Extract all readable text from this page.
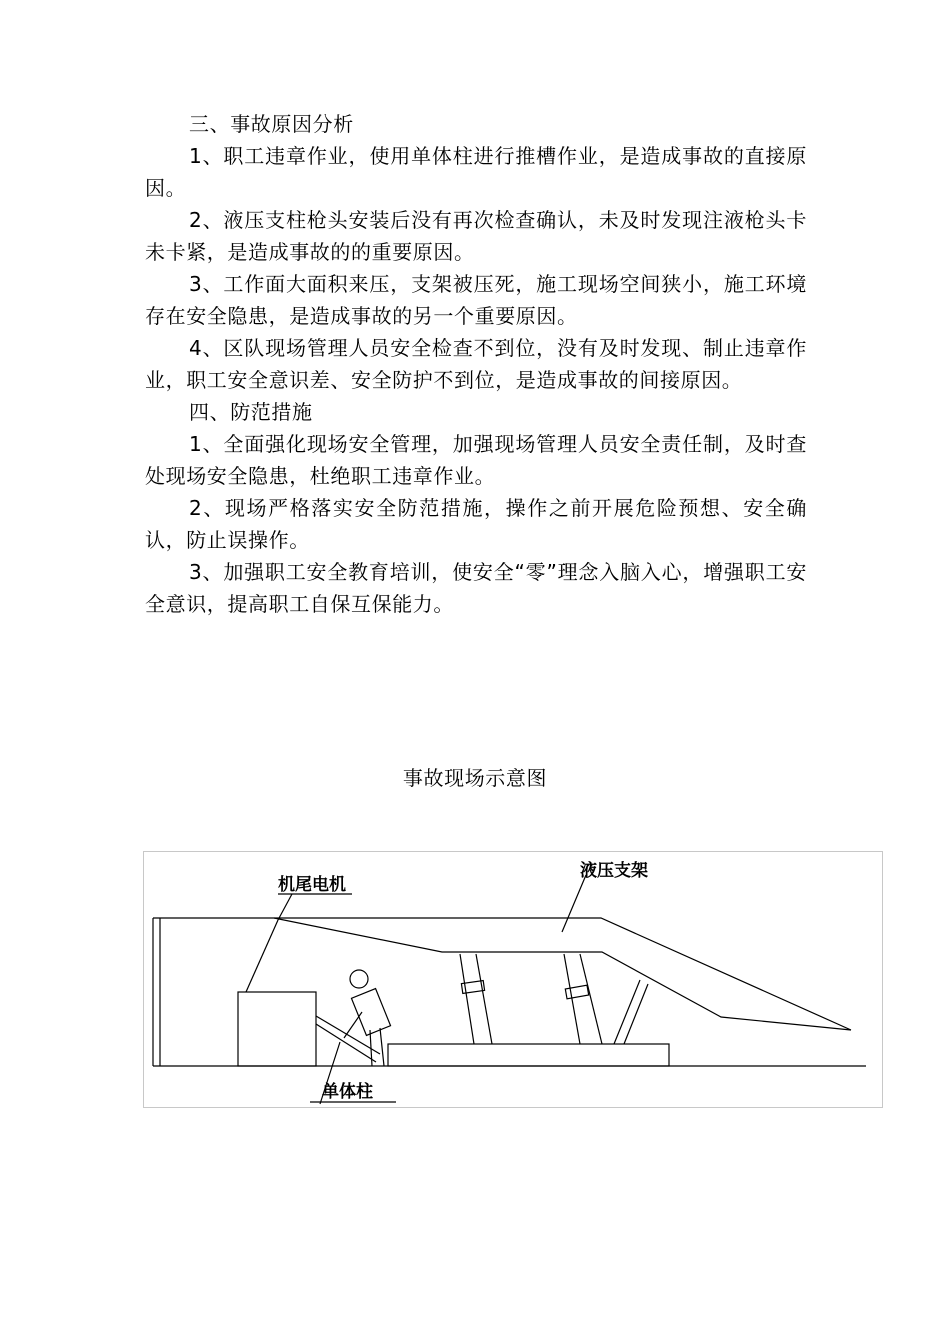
三、事故原因分析

1、职工违章作业，使用单体柱进行推槽作业，是造成事故的直接原因。

2、液压支柱枪头安装后没有再次检查确认，未及时发现注液枪头卡未卡紧，是造成事故的的重要原因。

3、工作面大面积来压，支架被压死，施工现场空间狭小，施工环境存在安全隐患，是造成事故的另一个重要原因。

4、区队现场管理人员安全检查不到位，没有及时发现、制止违章作业，职工安全意识差、安全防护不到位，是造成事故的间接原因。

四、防范措施

1、全面强化现场安全管理，加强现场管理人员安全责任制，及时查处现场安全隐患，杜绝职工违章作业。

2、现场严格落实安全防范措施，操作之前开展危险预想、安全确认，防止误操作。

3、加强职工安全教育培训，使安全“零”理念入脑入心，增强职工安全意识，提高职工自保互保能力。

事故现场示意图
机尾电机
液压支架
单体柱
